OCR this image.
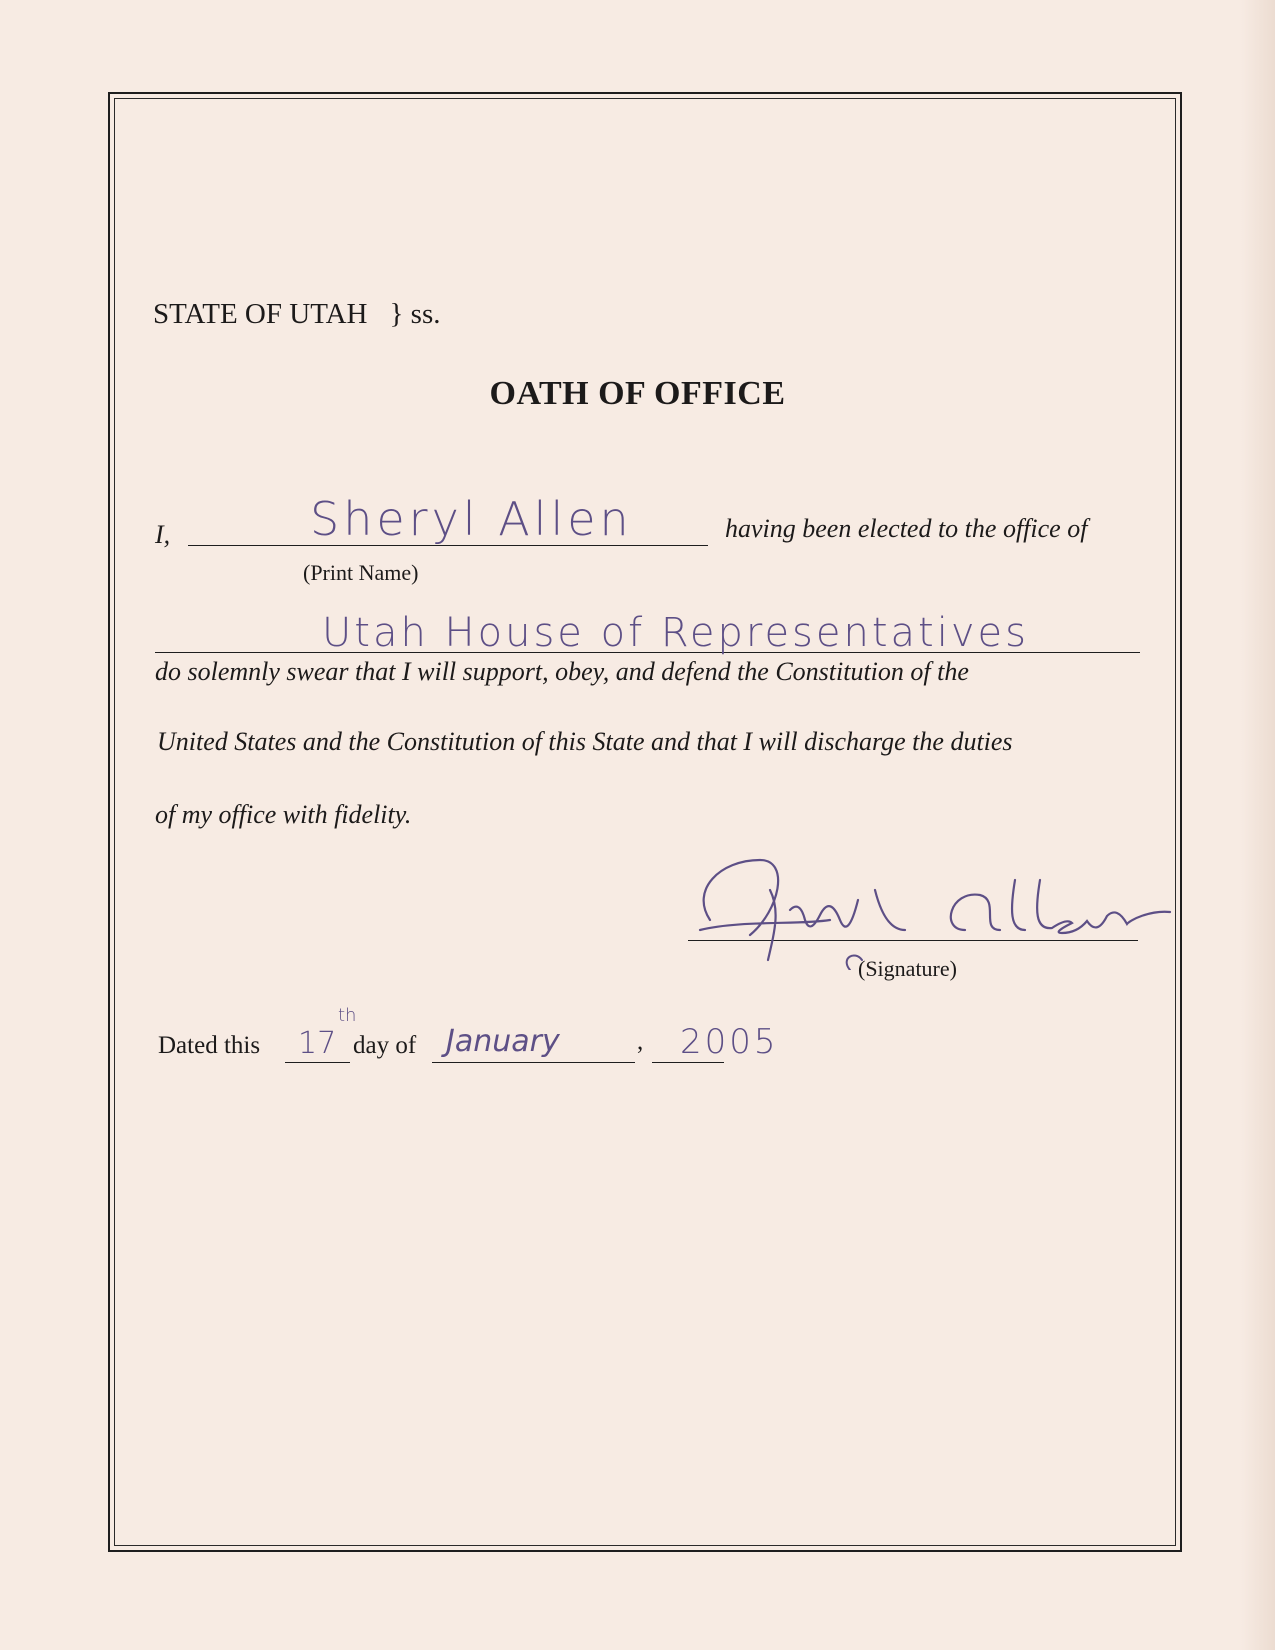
STATE OF UTAH } ss.
OATH OF OFFICE
I,	Sheryl Allen	having been elected to the office of
(Print Name)
Utah House of Representatives
do solemnly swear that I will support, obey, and defend the Constitution of the
United States and the Constitution of this State and that I will discharge the duties
of my office with fidelity.
(Signature)
Dated this 17
th
day of January	, 2005
